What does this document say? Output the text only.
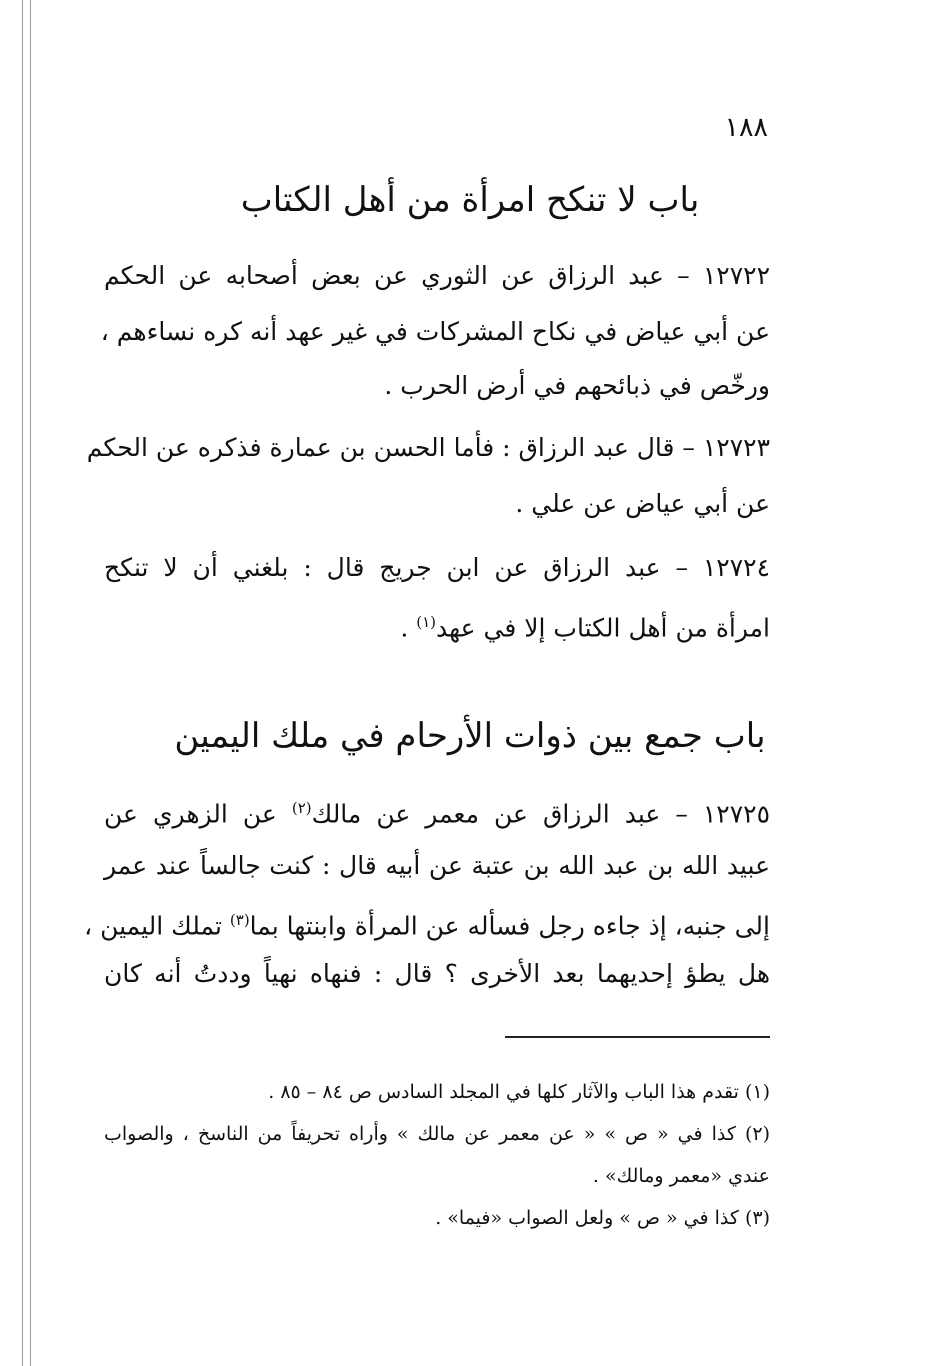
١٨٨
باب لا تنكح امرأة من أهل الكتاب
١٢٧٢٢ – عبد الرزاق عن الثوري عن بعض أصحابه عن الحكم
عن أبي عياض في نكاح المشركات في غير عهد أنه كره نساءهم ،
ورخّص في ذبائحهم في أرض الحرب .
١٢٧٢٣ – قال عبد الرزاق : فأما الحسن بن عمارة فذكره عن الحكم
عن أبي عياض عن علي .
١٢٧٢٤ – عبد الرزاق عن ابن جريج قال : بلغني أن لا تنكح
امرأة من أهل الكتاب إلا في عهد$^{(١)}$ .
باب جمع بين ذوات الأرحام في ملك اليمين
١٢٧٢٥ – عبد الرزاق عن معمر عن مالك$^{(٢)}$ عن الزهري عن
عبيد الله بن عبد الله بن عتبة عن أبيه قال : كنت جالساً عند عمر
إلى جنبه، إذ جاءه رجل فسأله عن المرأة وابنتها بما$^{(٣)}$ تملك اليمين ،
هل يطؤ إحديهما بعد الأخرى ؟ قال : فنهاه نهياً وددتُ أنه كان
(١) تقدم هذا الباب والآثار كلها في المجلد السادس ص ٨٤ – ٨٥ .
(٢) كذا في « ص » « عن معمر عن مالك » وأراه تحريفاً من الناسخ ، والصواب
عندي «معمر ومالك» .
(٣) كذا في « ص » ولعل الصواب «فيما» .
